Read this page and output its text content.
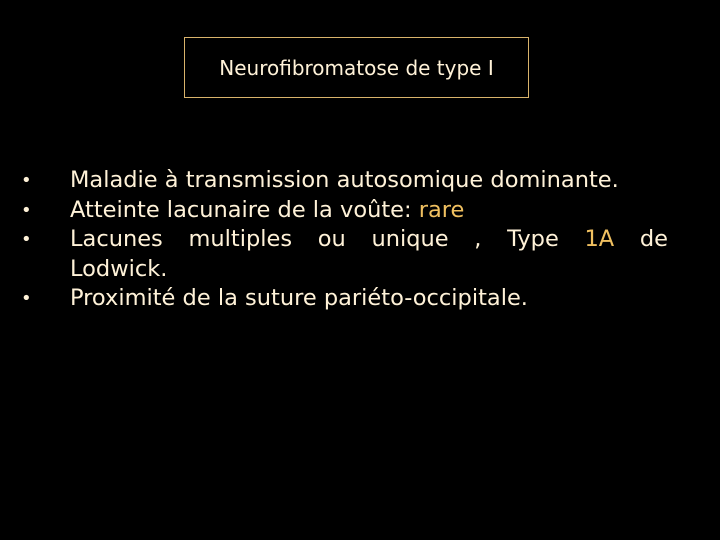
Neurofibromatose de type I
• Maladie à transmission autosomique dominante.
• Atteinte lacunaire de la voûte: rare
• Lacunes multiples ou unique , Type 1A de
Lodwick.
• Proximité de la suture pariéto-occipitale.
